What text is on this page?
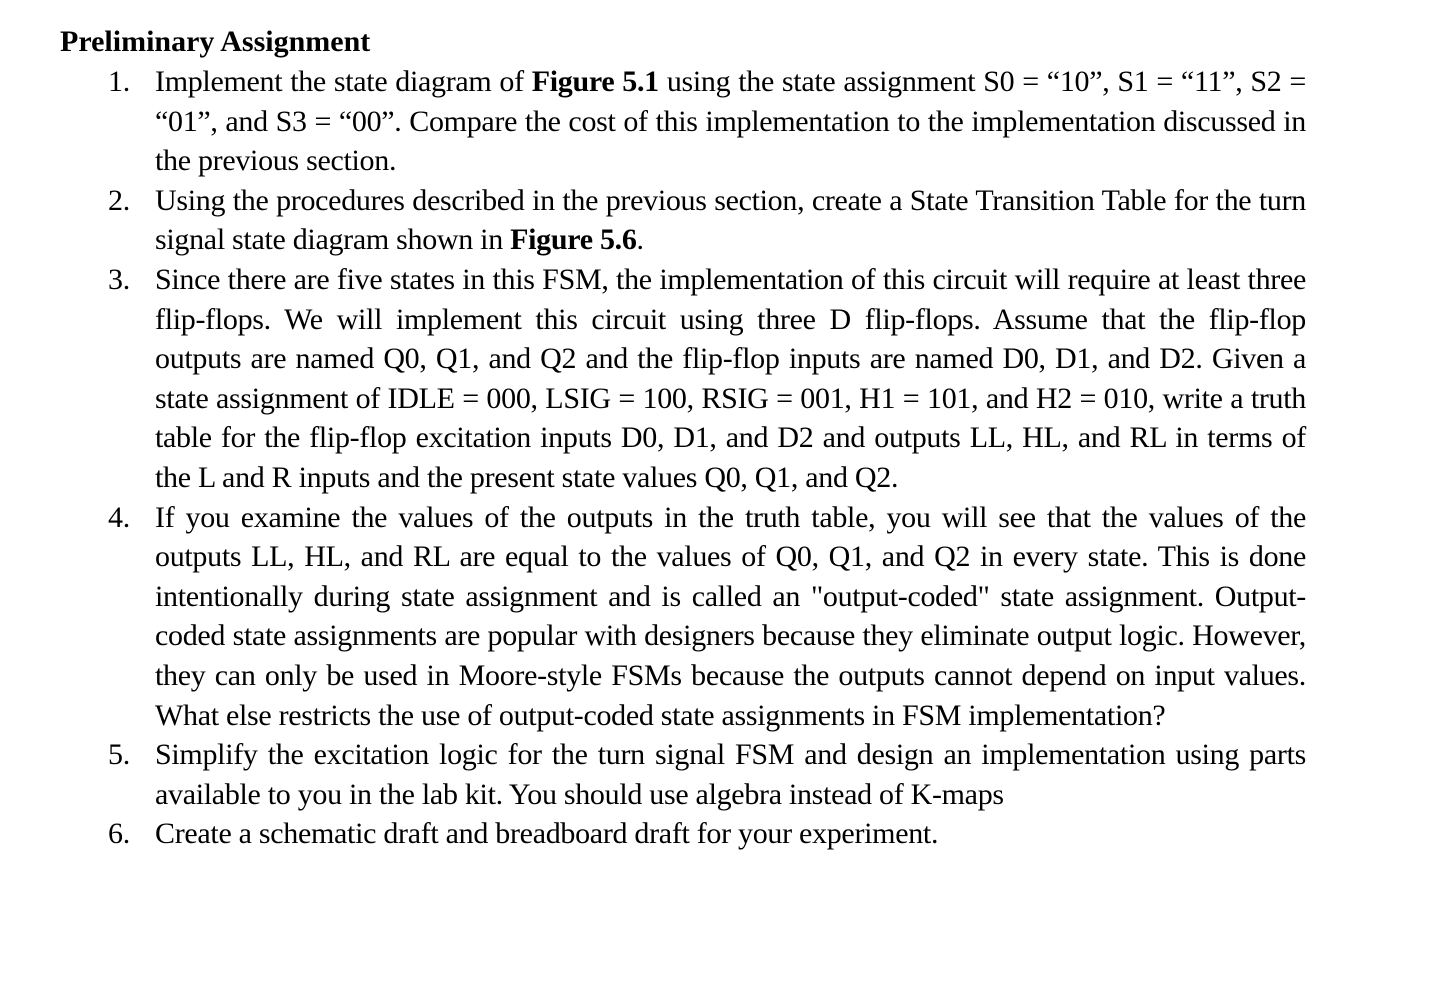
Preliminary Assignment
1. Implement the state diagram of Figure 5.1 using the state assignment S0 = “10”, S1 = “11”, S2 = “01”, and S3 = “00”. Compare the cost of this implementation to the implementation discussed in the previous section.
2. Using the procedures described in the previous section, create a State Transition Table for the turn signal state diagram shown in Figure 5.6.
3. Since there are five states in this FSM, the implementation of this circuit will require at least three flip-flops. We will implement this circuit using three D flip-flops. Assume that the flip-flop outputs are named Q0, Q1, and Q2 and the flip-flop inputs are named D0, D1, and D2. Given a state assignment of IDLE = 000, LSIG = 100, RSIG = 001, H1 = 101, and H2 = 010, write a truth table for the flip-flop excitation inputs D0, D1, and D2 and outputs LL, HL, and RL in terms of the L and R inputs and the present state values Q0, Q1, and Q2.
4. If you examine the values of the outputs in the truth table, you will see that the values of the outputs LL, HL, and RL are equal to the values of Q0, Q1, and Q2 in every state. This is done intentionally during state assignment and is called an "output-coded" state assignment. Output-coded state assignments are popular with designers because they eliminate output logic. However, they can only be used in Moore-style FSMs because the outputs cannot depend on input values. What else restricts the use of output-coded state assignments in FSM implementation?
5. Simplify the excitation logic for the turn signal FSM and design an implementation using parts available to you in the lab kit. You should use algebra instead of K-maps
6. Create a schematic draft and breadboard draft for your experiment.
